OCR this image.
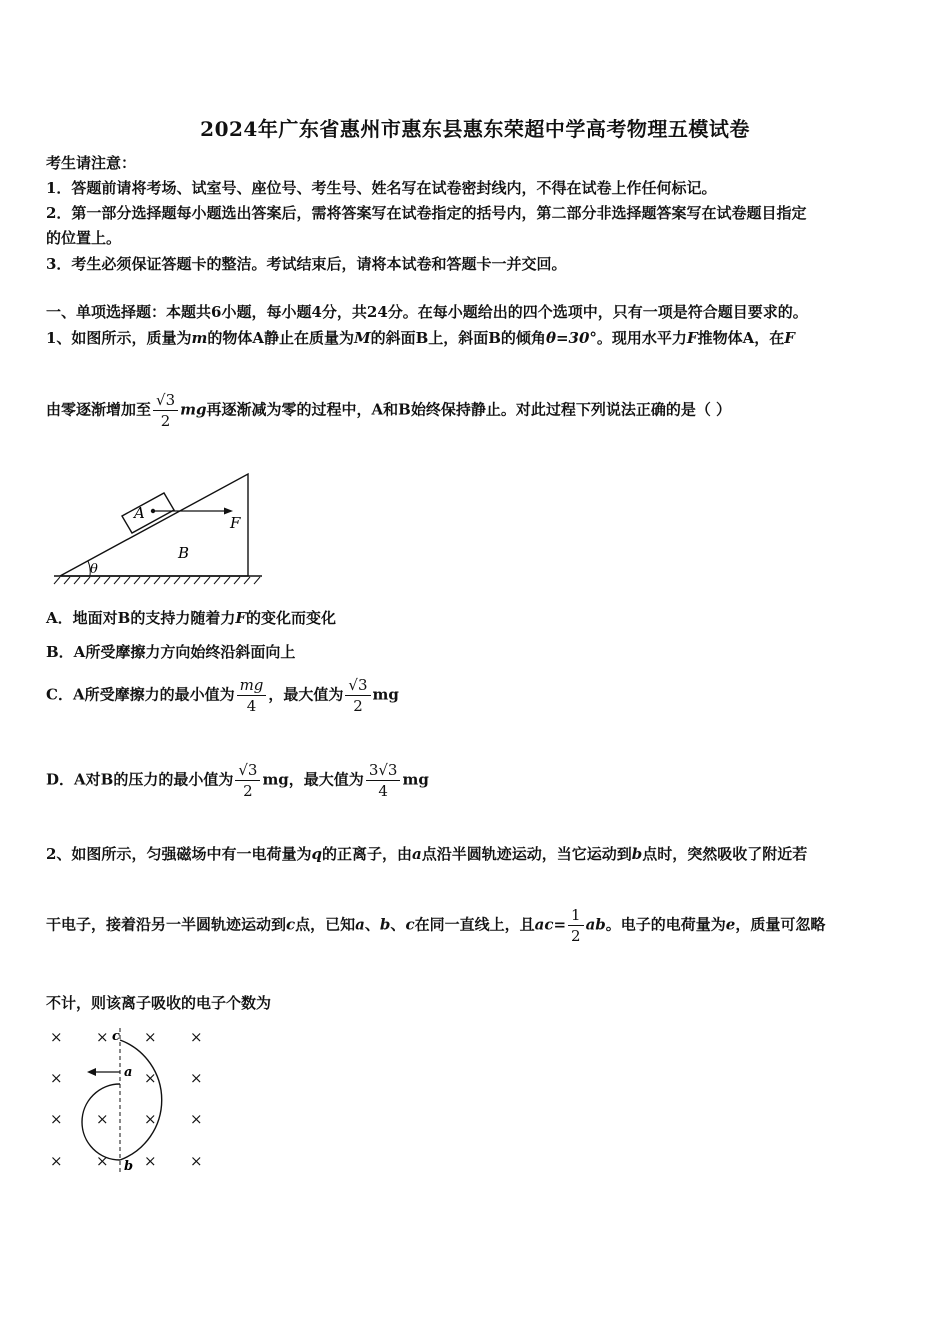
2024年广东省惠州市惠东县惠东荣超中学高考物理五模试卷
考生请注意：
1．答题前请将考场、试室号、座位号、考生号、姓名写在试卷密封线内，不得在试卷上作任何标记。
2．第一部分选择题每小题选出答案后，需将答案写在试卷指定的括号内，第二部分非选择题答案写在试卷题目指定
的位置上。
3．考生必须保证答题卡的整洁。考试结束后，请将本试卷和答题卡一并交回。
一、单项选择题：本题共6小题，每小题4分，共24分。在每小题给出的四个选项中，只有一项是符合题目要求的。
1、如图所示，质量为m的物体A静止在质量为M的斜面B上，斜面B的倾角θ=30°。现用水平力F推物体A，在F
由零逐渐增加至 $\frac{√3}{2}$ mg再逐渐减为零的过程中，A和B始终保持静止。对此过程下列说法正确的是（ ）
A
F
B
θ
A．地面对B的支持力随着力F的变化而变化
B．A所受摩擦力方向始终沿斜面向上
C．A所受摩擦力的最小值为 $\frac{mg}{4}$ ，最大值为 $\frac{√3}{2}$ mg
D．A对B的压力的最小值为 $\frac{√3}{2}$ mg，最大值为 $\frac{3√3}{4}$ mg
2、如图所示，匀强磁场中有一电荷量为q的正离子，由a点沿半圆轨迹运动，当它运动到b点时，突然吸收了附近若
干电子，接着沿另一半圆轨迹运动到c点，已知a、b、c在同一直线上，且$ac= \frac{1}{2}$ ab。电子的电荷量为e，质量可忽略
不计，则该离子吸收的电子个数为
× × × ×
×	× ×
× × × ×
× × × ×
c
a
b
